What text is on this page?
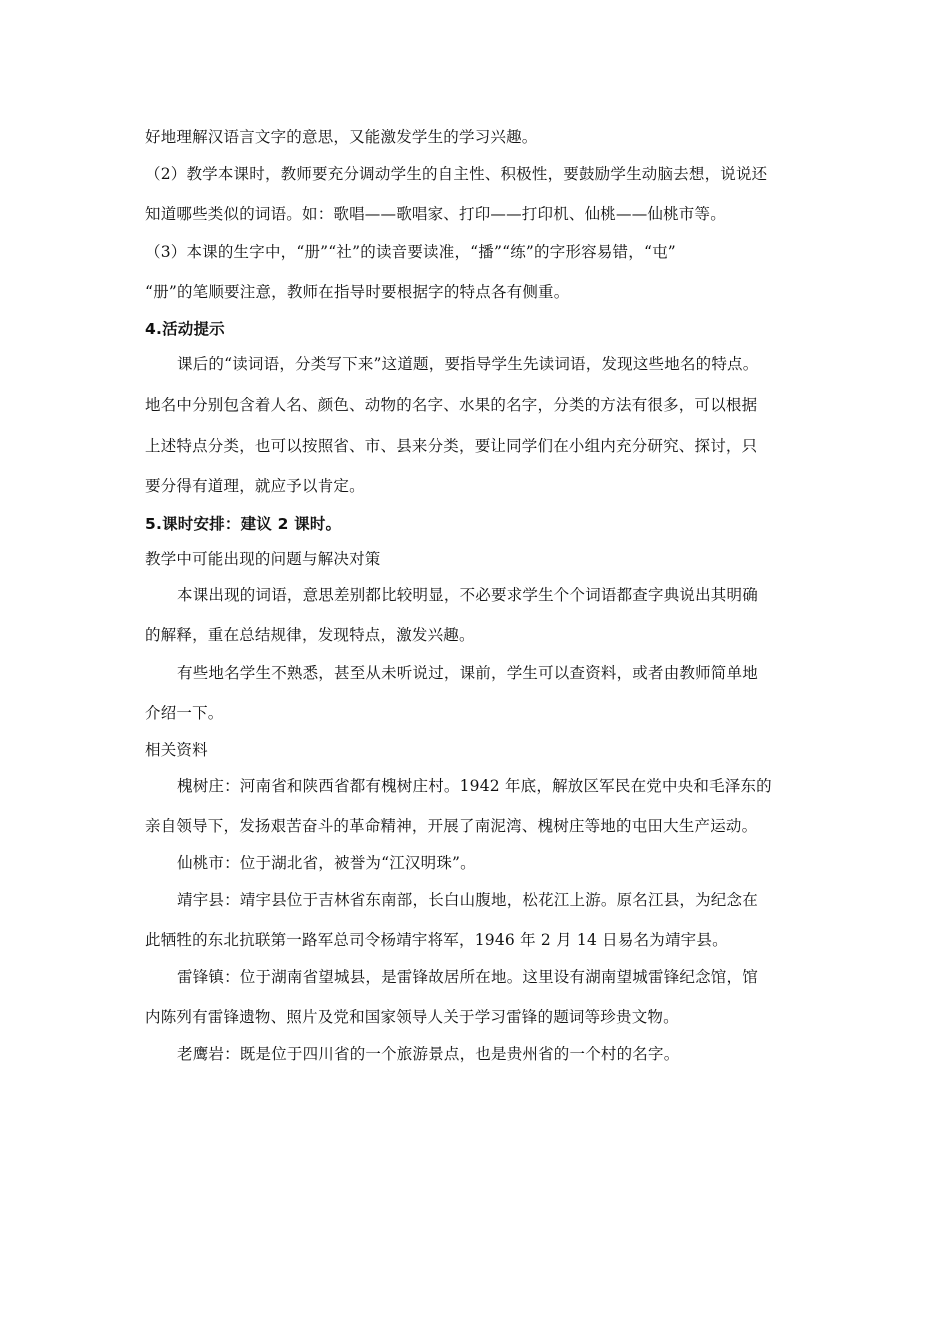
好地理解汉语言文字的意思，又能激发学生的学习兴趣。
（2）教学本课时，教师要充分调动学生的自主性、积极性，要鼓励学生动脑去想，说说还
知道哪些类似的词语。如：歌唱——歌唱家、打印——打印机、仙桃——仙桃市等。
（3）本课的生字中，“册”“社”的读音要读准，“播”“练”的字形容易错，“屯”
“册”的笔顺要注意，教师在指导时要根据字的特点各有侧重。
4.活动提示
课后的“读词语，分类写下来”这道题，要指导学生先读词语，发现这些地名的特点。
地名中分别包含着人名、颜色、动物的名字、水果的名字，分类的方法有很多，可以根据
上述特点分类，也可以按照省、市、县来分类，要让同学们在小组内充分研究、探讨，只
要分得有道理，就应予以肯定。
5.课时安排：建议 2 课时。
教学中可能出现的问题与解决对策
本课出现的词语，意思差别都比较明显，不必要求学生个个词语都查字典说出其明确
的解释，重在总结规律，发现特点，激发兴趣。
有些地名学生不熟悉，甚至从未听说过，课前，学生可以查资料，或者由教师简单地
介绍一下。
相关资料
槐树庄：河南省和陕西省都有槐树庄村。1942 年底，解放区军民在党中央和毛泽东的
亲自领导下，发扬艰苦奋斗的革命精神，开展了南泥湾、槐树庄等地的屯田大生产运动。
仙桃市：位于湖北省，被誉为“江汉明珠”。
靖宇县：靖宇县位于吉林省东南部，长白山腹地，松花江上游。原名江县，为纪念在
此牺牲的东北抗联第一路军总司令杨靖宇将军，1946 年 2 月 14 日易名为靖宇县。
雷锋镇：位于湖南省望城县，是雷锋故居所在地。这里设有湖南望城雷锋纪念馆，馆
内陈列有雷锋遗物、照片及党和国家领导人关于学习雷锋的题词等珍贵文物。
老鹰岩：既是位于四川省的一个旅游景点，也是贵州省的一个村的名字。
